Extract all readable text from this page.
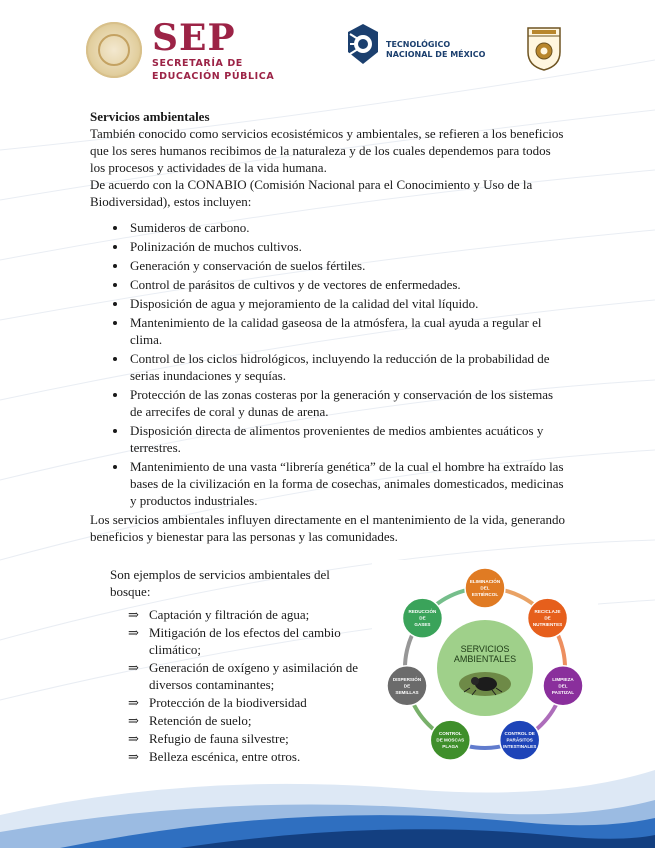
SEP
SECRETARÍA DE
EDUCACIÓN PÚBLICA
TECNOLÓGICO
NACIONAL DE MÉXICO

Servicios ambientales

También conocido como servicios ecosistémicos y ambientales, se refieren a los beneficios que los seres humanos recibimos de la naturaleza y de los cuales dependemos para todos los procesos y actividades de la vida humana.

De acuerdo con la CONABIO (Comisión Nacional para el Conocimiento y Uso de la Biodiversidad), estos incluyen:

• Sumideros de carbono.
• Polinización de muchos cultivos.
• Generación y conservación de suelos fértiles.
• Control de parásitos de cultivos y de vectores de enfermedades.
• Disposición de agua y mejoramiento de la calidad del vital líquido.
• Mantenimiento de la calidad gaseosa de la atmósfera, la cual ayuda a regular el clima.
• Control de los ciclos hidrológicos, incluyendo la reducción de la probabilidad de serias inundaciones y sequías.
• Protección de las zonas costeras por la generación y conservación de los sistemas de arrecifes de coral y dunas de arena.
• Disposición directa de alimentos provenientes de medios ambientes acuáticos y terrestres.
• Mantenimiento de una vasta “librería genética” de la cual el hombre ha extraído las bases de la civilización en la forma de cosechas, animales domesticados, medicinas y productos industriales.

Los servicios ambientales influyen directamente en el mantenimiento de la vida, generando beneficios y bienestar para las personas y las comunidades.

Son ejemplos de servicios ambientales del bosque:

⇒ Captación y filtración de agua;
⇒ Mitigación de los efectos del cambio climático;
⇒ Generación de oxígeno y asimilación de diversos contaminantes;
⇒ Protección de la biodiversidad
⇒ Retención de suelo;
⇒ Refugio de fauna silvestre;
⇒ Belleza escénica, entre otros.
SERVICIOS
AMBIENTALES
ELIMINACIÓN
DEL
ESTIÉRCOL
RECICLAJE
DE
NUTRIENTES
LIMPIEZA
DEL
PASTIZAL
CONTROL DE
PARÁSITOS
INTESTINALES
CONTROL
DE MOSCAS
PLAGA
DISPERSIÓN
DE
SEMILLAS
REDUCCIÓN
DE
GASES
